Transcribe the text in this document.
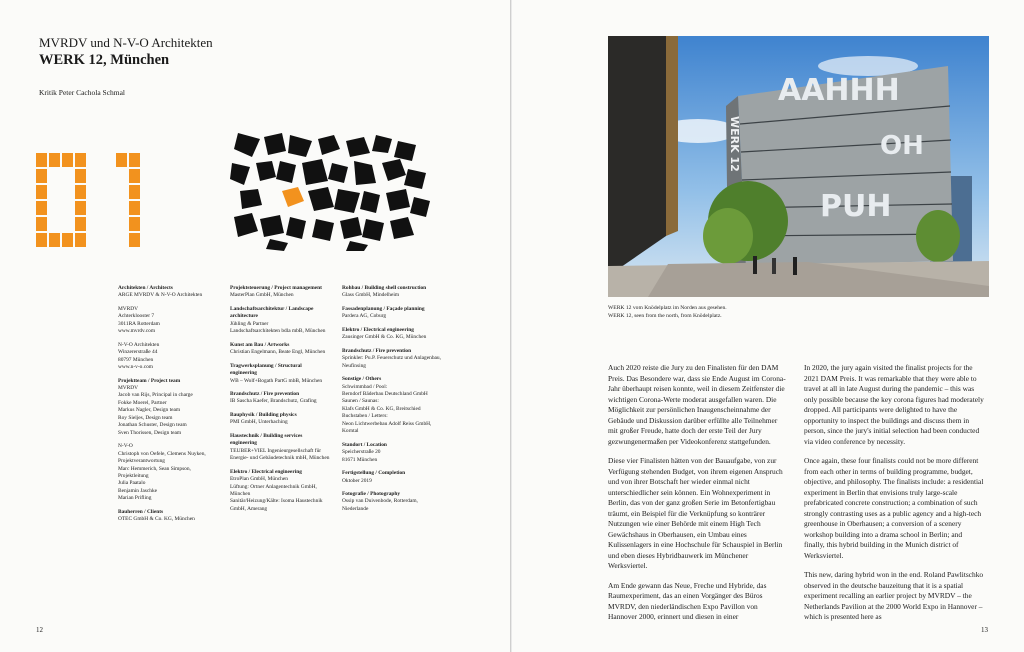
MVRDV und N-V-O Architekten
WERK 12, München
Kritik Peter Cachola Schmal
Architekten / Architects
ARGE MVRDV & N-V-O Architekten
MVRDV
Achterklooster 7
3011RA Rotterdam
www.mvrdv.com
N-V-O Architekten
Winzererstraße 44
80797 München
www.n-v-o.com
Projektteam / Project team
MVRDV
Jacob van Rijs, Principal in charge
Fokke Moerel, Partner
Markus Nagler, Design team
Roy Sieljes, Design team
Jonathan Schuster, Design team
Sven Thorissen, Design team
N-V-O
Christoph von Oefele, Clemens Nuyken, Projektverantwortung
Marc Hemmerich, Sean Simpson, Projektleitung
Julia Paatalo
Benjamin Jaschke
Marian Prifling
Bauherren / Clients
OTEC GmbH & Co. KG, München
Projektsteuerung / Project management
MasterPlan GmbH, München
Landschaftsarchitektur / Landscape architecture
Jühling & Partner
Landschaftsarchitekten bdla mbB, München
Kunst am Bau / Artworks
Christian Engelmann, Beate Engl, München
Tragwerksplanung / Structural engineering
WB – Wolf+Bogath PartG mbB, München
Brandschutz / Fire prevention
IB Sascha Kaefer, Brandschutz, Grafing
Bauphysik / Building physics
PMI GmbH, Unterhaching
Haustechnik / Building services engineering
TEUBER+VIEL Ingenieurgesellschaft für Energie- und Gebäudetechnik mbH, München
Elektro / Electrical engineering
EtroPlan GmbH, München
Lüftung: Ortner Anlagentechnik GmbH, München
Sanitär/Heizung/Kälte: Isoma Haustechnik GmbH, Amerang
Rohbau / Building shell construction
Glass GmbH, Mindelheim
Fassadenplanung / Façade planning
Pardera AG, Coburg
Elektro / Electrical engineering
Zausinger GmbH & Co. KG, München
Brandschutz / Fire prevention
Sprinkler: Pu.P. Feuerschutz und Anlagenbau, Neufinsing
Sonstige / Others
Schwimmbad / Pool:
Berndorf Bäderbau Deutschland GmbH
Saunen / Saunas:
Klafs GmbH & Co. KG, Breitschied
Buchstaben / Letters:
Neon Lichtwerbebau Adolf Reiss GmbH, Korntal
Standort / Location
Speicherstraße 20
81671 München
Fertigstellung / Completion
Oktober 2019
Fotografie / Photography
Ossip van Duivenbode, Rotterdam, Niederlande
12
AAHHH
OH
PUH
WERK 12
WERK 12 vom Knödelplatz im Norden aus gesehen.
WERK 12, seen from the north, from Knödelplatz.

Auch 2020 reiste die Jury zu den Finalisten für den DAM Preis. Das Besondere war, dass sie Ende August im Corona-Jahr überhaupt reisen konnte, weil in diesem Zeitfenster die wichtigen Corona-Werte moderat ausgefallen waren. Die Möglichkeit zur persönlichen Inaugenscheinnahme der Gebäude und Diskussion darüber erfüllte alle Teilnehmer mit großer Freude, hatte doch der erste Teil der Jury gezwungenermaßen per Videokonferenz stattgefunden.

Diese vier Finalisten hätten von der Bauaufgabe, von zur Verfügung stehenden Budget, von ihrem eigenen Anspruch und von ihrer Botschaft her wieder einmal nicht unterschiedlicher sein können. Ein Wohnexperiment in Berlin, das von der ganz großen Serie im Betonfertigbau träumt, ein Beispiel für die Verknüpfung so konträrer Nutzungen wie einer Behörde mit einem High Tech Gewächshaus in Oberhausen, ein Umbau eines Kulissenlagers in eine Hochschule für Schauspiel in Berlin und eben dieses Hybridbauwerk im Münchener Werksviertel.

Am Ende gewann das Neue, Freche und Hybride, das Raumexperiment, das an einen Vorgänger des Büros MVRDV, den niederländischen Expo Pavillon von Hannover 2000, erinnert und diesen in einer

In 2020, the jury again visited the finalist projects for the 2021 DAM Preis. It was remarkable that they were able to travel at all in late August during the pandemic – this was only possible because the key corona figures had moderately dropped. All participants were delighted to have the opportunity to inspect the buildings and discuss them in person, since the jury's initial selection had been conducted via video conference by necessity.

Once again, these four finalists could not be more different from each other in terms of building programme, budget, objective, and philosophy. The finalists include: a residential experiment in Berlin that envisions truly large-scale prefabricated concrete construction; a combination of such strongly contrasting uses as a public agency and a high-tech greenhouse in Oberhausen; a conversion of a scenery workshop building into a drama school in Berlin; and finally, this hybrid building in the Munich district of Werksviertel.

This new, daring hybrid won in the end. Roland Pawlitschko observed in the deutsche bauzeitung that it is a spatial experiment recalling an earlier project by MVRDV – the Netherlands Pavilion at the 2000 World Expo in Hannover – which is presented here as

13
